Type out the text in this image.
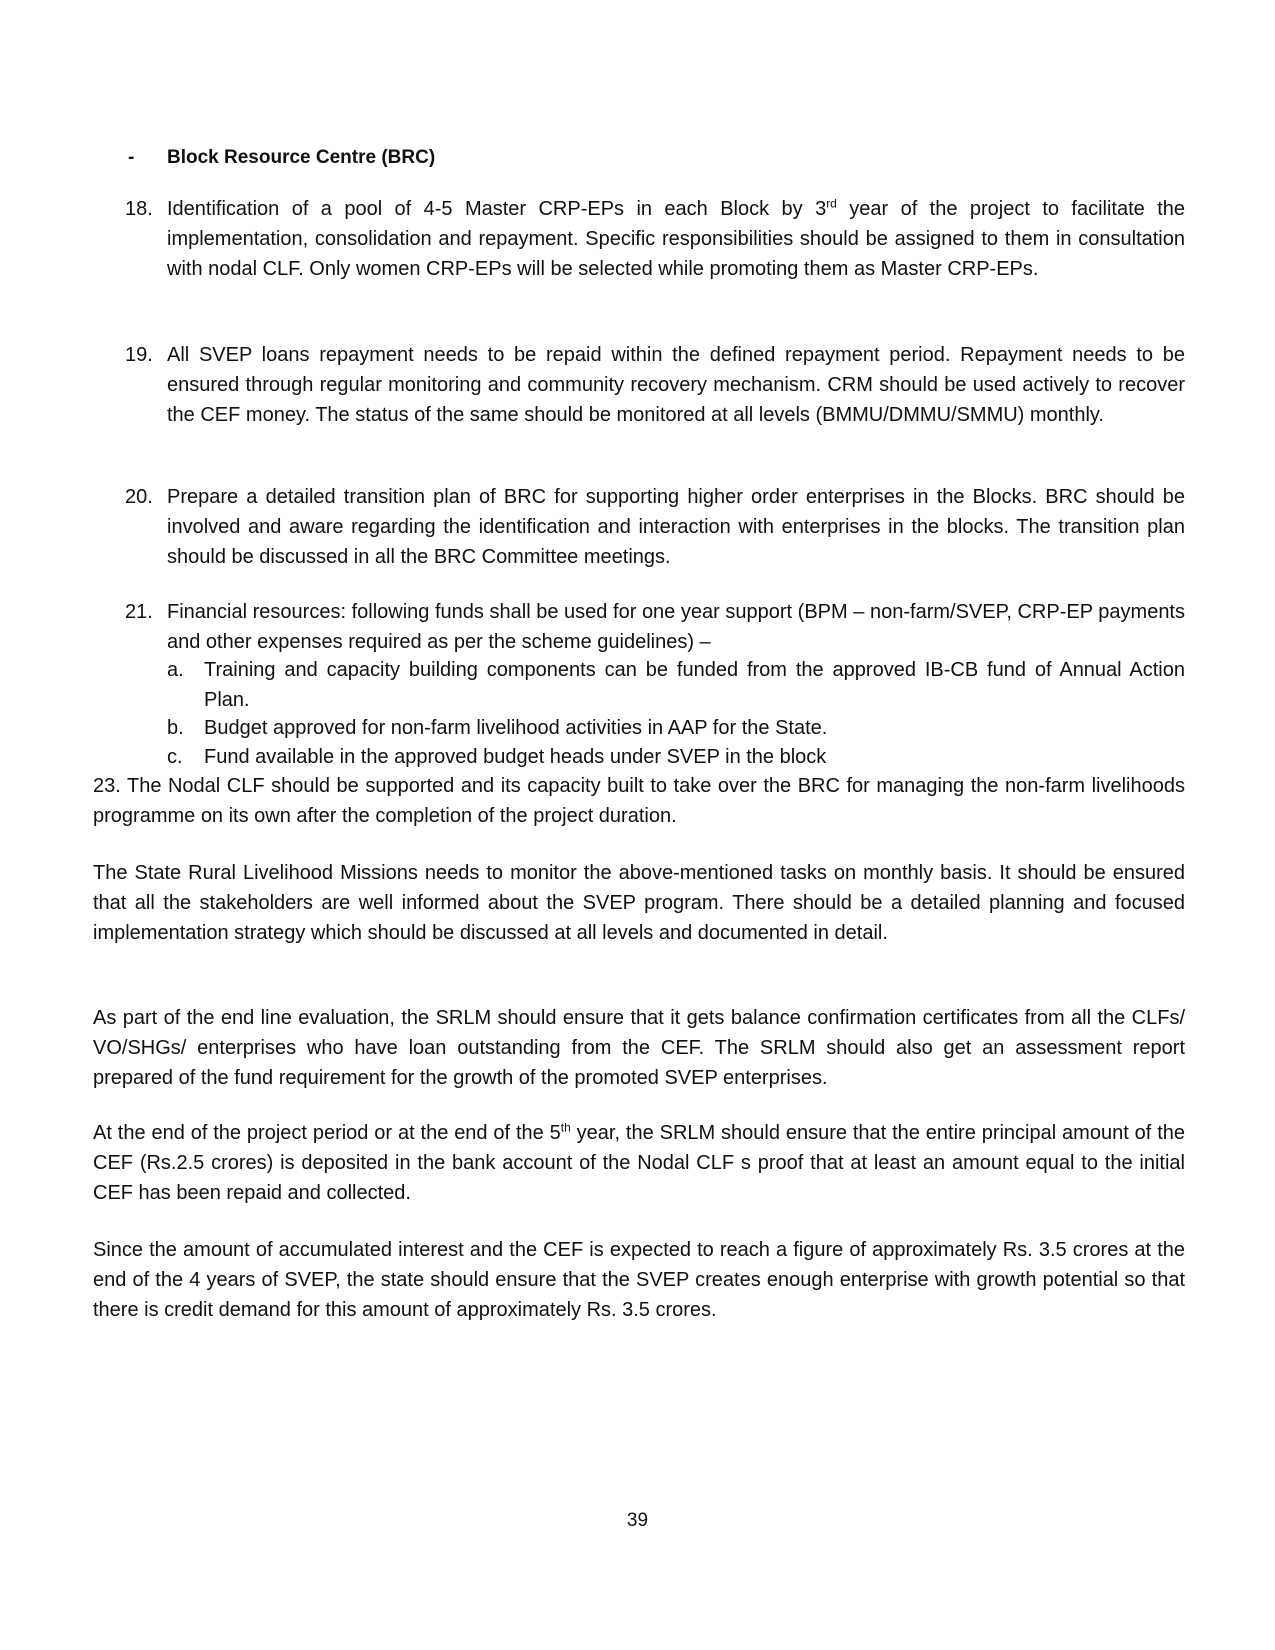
- Block Resource Centre (BRC)
18. Identification of a pool of 4-5 Master CRP-EPs in each Block by 3rd year of the project to facilitate the implementation, consolidation and repayment. Specific responsibilities should be assigned to them in consultation with nodal CLF. Only women CRP-EPs will be selected while promoting them as Master CRP-EPs.
19. All SVEP loans repayment needs to be repaid within the defined repayment period. Repayment needs to be ensured through regular monitoring and community recovery mechanism. CRM should be used actively to recover the CEF money. The status of the same should be monitored at all levels (BMMU/DMMU/SMMU) monthly.
20. Prepare a detailed transition plan of BRC for supporting higher order enterprises in the Blocks. BRC should be involved and aware regarding the identification and interaction with enterprises in the blocks. The transition plan should be discussed in all the BRC Committee meetings.
21. Financial resources: following funds shall be used for one year support (BPM – non-farm/SVEP, CRP-EP payments and other expenses required as per the scheme guidelines) –
a. Training and capacity building components can be funded from the approved IB-CB fund of Annual Action Plan.
b. Budget approved for non-farm livelihood activities in AAP for the State.
c. Fund available in the approved budget heads under SVEP in the block
23. The Nodal CLF should be supported and its capacity built to take over the BRC for managing the non-farm livelihoods programme on its own after the completion of the project duration.
The State Rural Livelihood Missions needs to monitor the above-mentioned tasks on monthly basis. It should be ensured that all the stakeholders are well informed about the SVEP program. There should be a detailed planning and focused implementation strategy which should be discussed at all levels and documented in detail.
As part of the end line evaluation, the SRLM should ensure that it gets balance confirmation certificates from all the CLFs/ VO/SHGs/ enterprises who have loan outstanding from the CEF. The SRLM should also get an assessment report prepared of the fund requirement for the growth of the promoted SVEP enterprises.
At the end of the project period or at the end of the 5th year, the SRLM should ensure that the entire principal amount of the CEF (Rs.2.5 crores) is deposited in the bank account of the Nodal CLF s proof that at least an amount equal to the initial CEF has been repaid and collected.
Since the amount of accumulated interest and the CEF is expected to reach a figure of approximately Rs. 3.5 crores at the end of the 4 years of SVEP, the state should ensure that the SVEP creates enough enterprise with growth potential so that there is credit demand for this amount of approximately Rs. 3.5 crores.
39
